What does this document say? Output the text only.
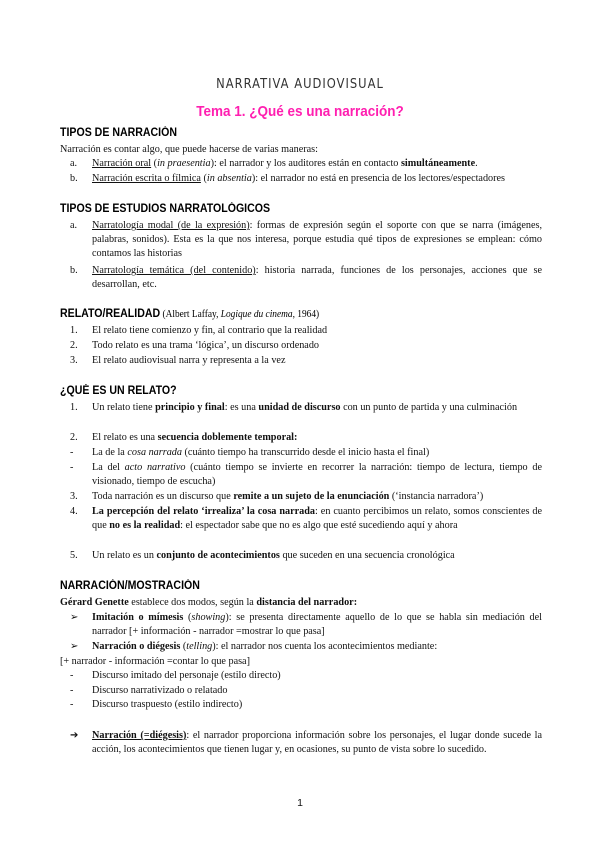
NARRATIVA AUDIOVISUAL
Tema 1. ¿Qué es una narración?
TIPOS DE NARRACIÓN
Narración es contar algo, que puede hacerse de varias maneras:
a.	Narración oral (in praesentia): el narrador y los auditores están en contacto simultáneamente.
b.	Narración escrita o fílmica (in absentia): el narrador no está en presencia de los lectores/espectadores
TIPOS DE ESTUDIOS NARRATOLÓGICOS
a.	Narratología modal (de la expresión): formas de expresión según el soporte con que se narra (imágenes, palabras, sonidos). Esta es la que nos interesa, porque estudia qué tipos de expresiones se emplean: cómo contamos las historias
b.	Narratología temática (del contenido): historia narrada, funciones de los personajes, acciones que se desarrollan, etc.
RELATO/REALIDAD (Albert Laffay, Logique du cinema, 1964)
1.	El relato tiene comienzo y fin, al contrario que la realidad
2.	Todo relato es una trama ‘lógica’, un discurso ordenado
3.	El relato audiovisual narra y representa a la vez
¿QUÉ ES UN RELATO?
1.	Un relato tiene principio y final: es una unidad de discurso con un punto de partida y una culminación
2.	El relato es una secuencia doblemente temporal:
-	La de la cosa narrada (cuánto tiempo ha transcurrido desde el inicio hasta el final)
-	La del acto narrativo (cuánto tiempo se invierte en recorrer la narración: tiempo de lectura, tiempo de visionado, tiempo de escucha)
3.	Toda narración es un discurso que remite a un sujeto de la enunciación (‘instancia narradora’)
4.	La percepción del relato ‘irrealiza’ la cosa narrada: en cuanto percibimos un relato, somos conscientes de que no es la realidad: el espectador sabe que no es algo que esté sucediendo aquí y ahora
5.	Un relato es un conjunto de acontecimientos que suceden en una secuencia cronológica
NARRACIÓN/MOSTRACIÓN
Gérard Genette establece dos modos, según la distancia del narrador:
➢	Imitación o mímesis (showing): se presenta directamente aquello de lo que se habla sin mediación del narrador [+ información - narrador =mostrar lo que pasa]
➢	Narración o diégesis (telling): el narrador nos cuenta los acontecimientos mediante:
[+ narrador - información =contar lo que pasa]
-	Discurso imitado del personaje (estilo directo)
-	Discurso narrativizado o relatado
-	Discurso traspuesto (estilo indirecto)
➔	Narración (=diégesis): el narrador proporciona información sobre los personajes, el lugar donde sucede la acción, los acontecimientos que tienen lugar y, en ocasiones, su punto de vista sobre lo sucedido.
1
